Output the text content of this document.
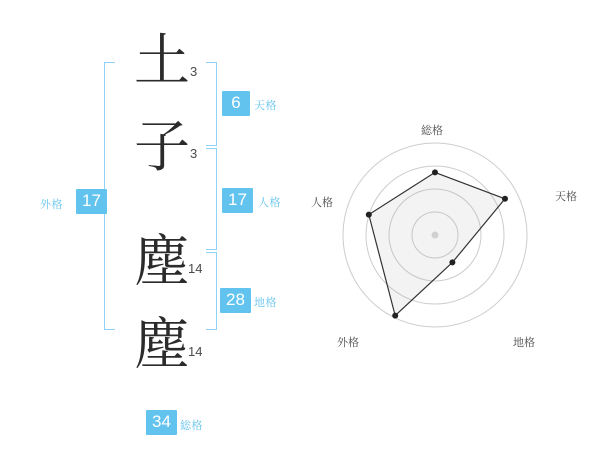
外格	17
土 3
子 3
塵
14
塵
14
6	天格
17	人格
28 地格
34 総格
総格
天格
地格
外格
人格
